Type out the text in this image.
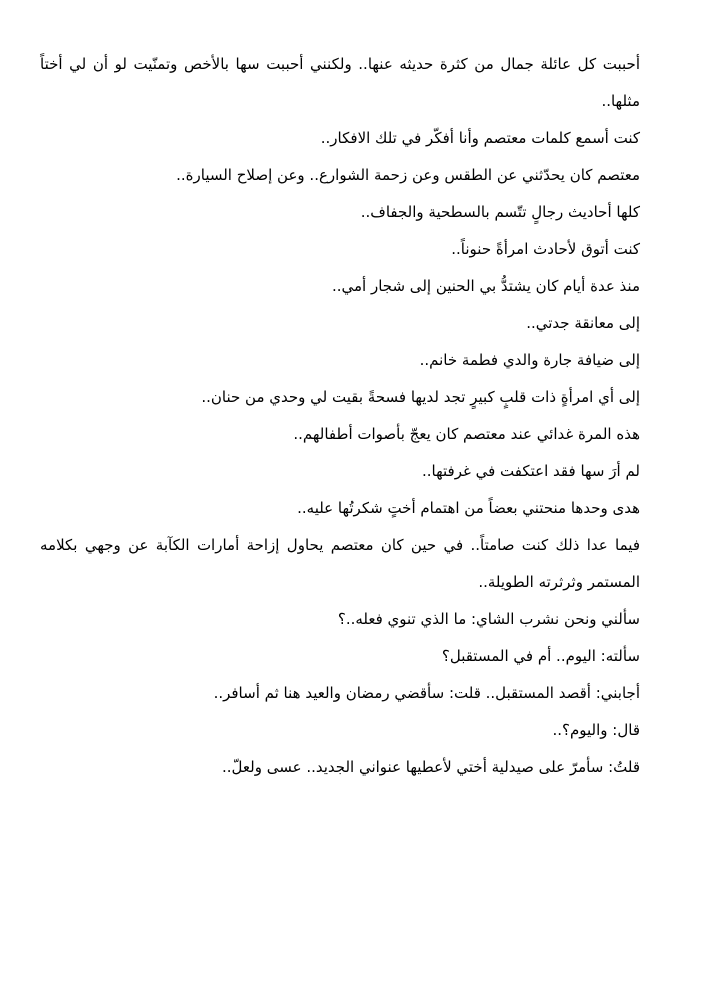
أحببت كل عائلة جمال من كثرة حديثه عنها.. ولكنني أحببت سها بالأخص وتمنّيت لو أن لي أختاً مثلها..

كنت أسمع كلمات معتصم وأنا أفكّر في تلك الافكار..

معتصم كان يحدّثني عن الطقس وعن زحمة الشوارع.. وعن إصلاح السيارة..

كلها أحاديث رجالٍ تتّسم بالسطحية والجفاف..

كنت أتوق لأحادث امرأةً حنوناً..

منذ عدة أيام كان يشتدُّ بي الحنين إلى شجار أمي..

إلى معانقة جدتي..

إلى ضيافة جارة والدي فطمة خانم..

إلى أي امرأةٍ ذات قلبٍ كبيرٍ تجد لديها فسحةً بقيت لي وحدي من حنان..

هذه المرة غدائي عند معتصم كان يعجّ بأصوات أطفالهم..

لم أرَ سها فقد اعتكفت في غرفتها..

هدى وحدها منحتني بعضاً من اهتمام أختٍ شكرتُها عليه..

فيما عدا ذلك كنت صامتاً.. في حين كان معتصم يحاول إزاحة أمارات الكآبة عن وجهي بكلامه المستمر وثرثرته الطويلة..

سألني ونحن نشرب الشاي: ما الذي تنوي فعله..؟

سألته: اليوم.. أم في المستقبل؟

أجابني: أقصد المستقبل.. قلت: سأقضي رمضان والعيد هنا ثم أسافر..

قال: واليوم؟..

قلتُ: سأمرّ على صيدلية أختي لأعطيها عنواني الجديد.. عسى ولعلّ..
